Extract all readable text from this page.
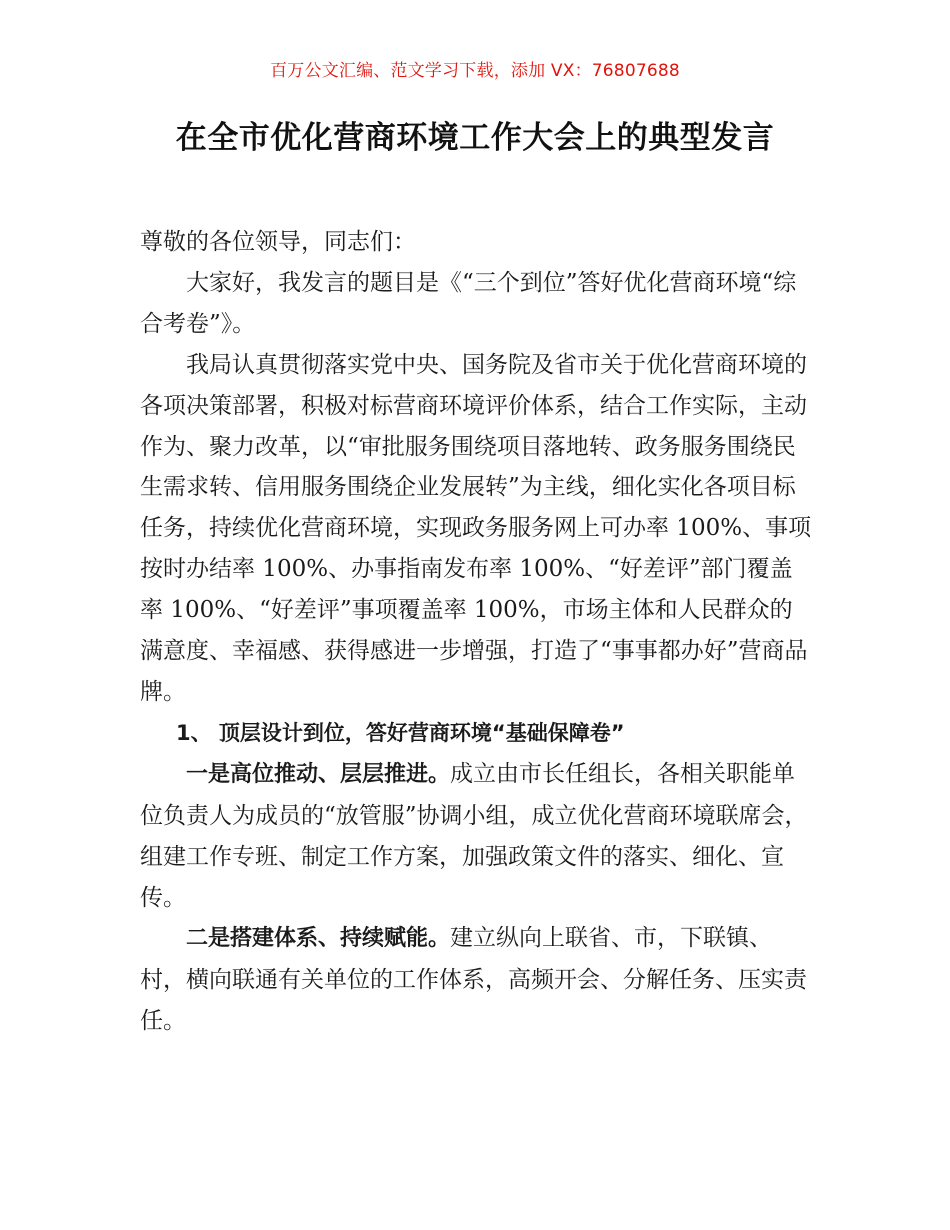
百万公文汇编、范文学习下载，添加 VX：76807688
在全市优化营商环境工作大会上的典型发言

尊敬的各位领导，同志们：

大家好，我发言的题目是《“三个到位”答好优化营商环境“综合考卷”》。

我局认真贯彻落实党中央、国务院及省市关于优化营商环境的各项决策部署，积极对标营商环境评价体系，结合工作实际，主动作为、聚力改革，以“审批服务围绕项目落地转、政务服务围绕民生需求转、信用服务围绕企业发展转”为主线，细化实化各项目标任务，持续优化营商环境，实现政务服务网上可办率 100%、事项按时办结率 100%、办事指南发布率 100%、“好差评”部门覆盖率 100%、“好差评”事项覆盖率 100%，市场主体和人民群众的满意度、幸福感、获得感进一步增强，打造了“事事都办好”营商品牌。

1、 顶层设计到位，答好营商环境“基础保障卷”

一是高位推动、层层推进。成立由市长任组长，各相关职能单位负责人为成员的“放管服”协调小组，成立优化营商环境联席会，组建工作专班、制定工作方案，加强政策文件的落实、细化、宣传。

二是搭建体系、持续赋能。建立纵向上联省、市，下联镇、村，横向联通有关单位的工作体系，高频开会、分解任务、压实责任。
